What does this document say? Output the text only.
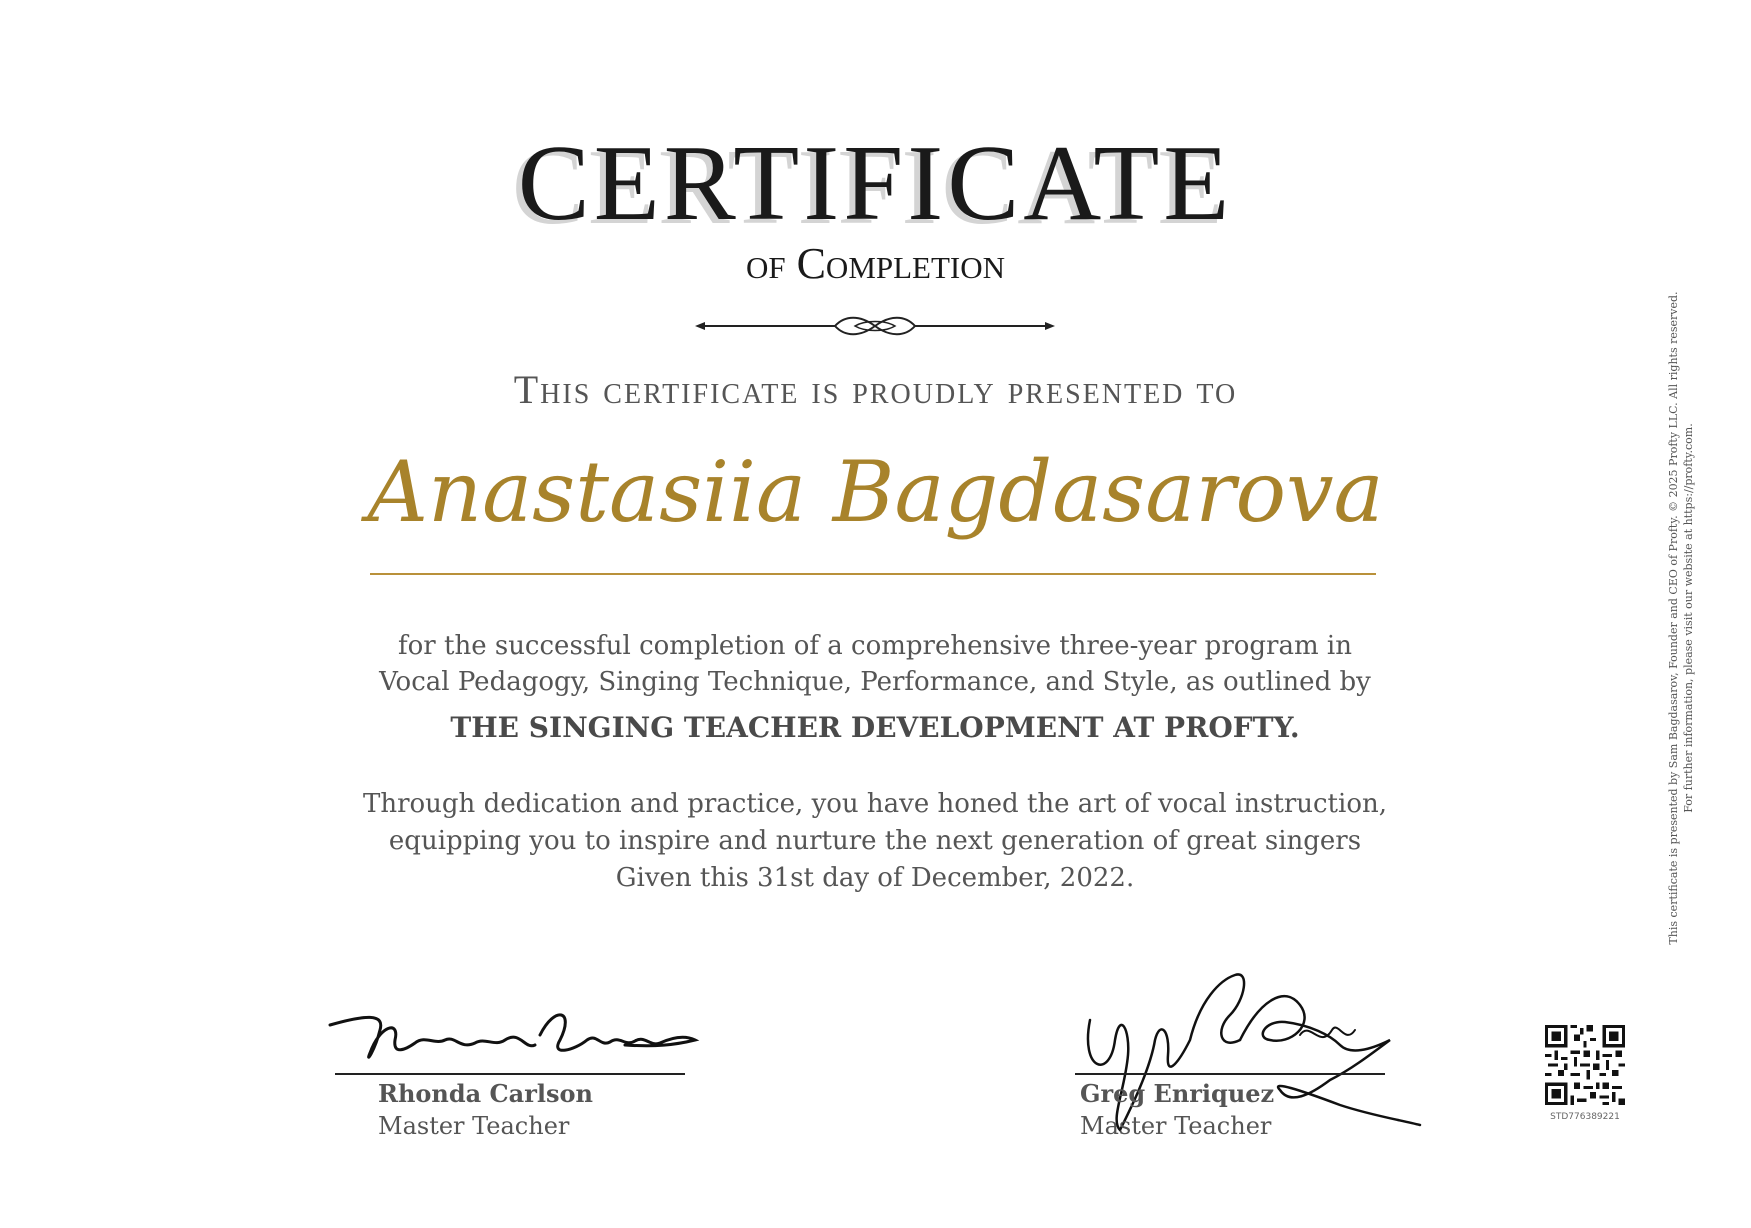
CERTIFICATE
of Completion
This certificate is proudly presented to
Anastasiia Bagdasarova
for the successful completion of a comprehensive three-year program in
Vocal Pedagogy, Singing Technique, Performance, and Style, as outlined by
THE SINGING TEACHER DEVELOPMENT AT PROFTY.
Through dedication and practice, you have honed the art of vocal instruction,
equipping you to inspire and nurture the next generation of great singers
Given this 31st day of December, 2022.
Rhonda Carlson
Master Teacher
Greg Enriquez
Master Teacher
This certificate is presented by Sam Bagdasarov, Founder and CEO of Profty. © 2025 Profty LLC. All rights reserved. For further information, please visit our website at https://profty.com.
STD776389221
